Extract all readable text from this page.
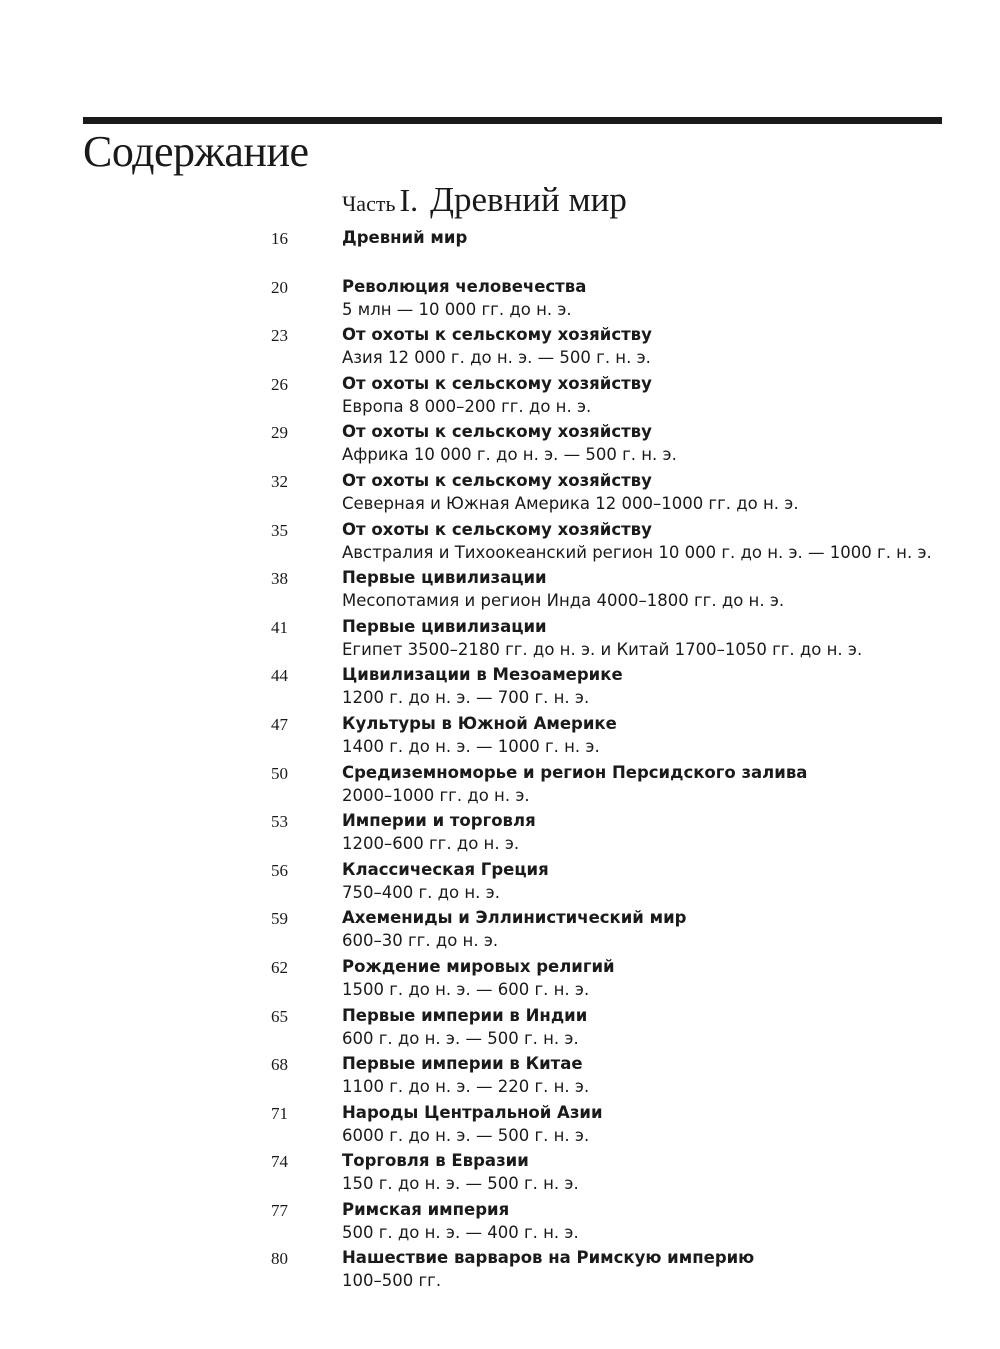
Содержание
Часть I. Древний мир
16	Древний мир
20	Революция человечества
5 млн — 10 000 гг. до н. э.
23	От охоты к сельскому хозяйству
Азия 12 000 г. до н. э. — 500 г. н. э.
26	От охоты к сельскому хозяйству
Европа 8 000–200 гг. до н. э.
29	От охоты к сельскому хозяйству
Африка 10 000 г. до н. э. — 500 г. н. э.
32	От охоты к сельскому хозяйству
Северная и Южная Америка 12 000–1000 гг. до н. э.
35	От охоты к сельскому хозяйству
Австралия и Тихоокеанский регион 10 000 г. до н. э. — 1000 г. н. э.
38	Первые цивилизации
Месопотамия и регион Инда 4000–1800 гг. до н. э.
41	Первые цивилизации
Египет 3500–2180 гг. до н. э. и Китай 1700–1050 гг. до н. э.
44	Цивилизации в Мезоамерике
1200 г. до н. э. — 700 г. н. э.
47	Культуры в Южной Америке
1400 г. до н. э. — 1000 г. н. э.
50	Средиземноморье и регион Персидского залива
2000–1000 гг. до н. э.
53	Империи и торговля
1200–600 гг. до н. э.
56	Классическая Греция
750–400 г. до н. э.
59	Ахемениды и Эллинистический мир
600–30 гг. до н. э.
62	Рождение мировых религий
1500 г. до н. э. — 600 г. н. э.
65	Первые империи в Индии
600 г. до н. э. — 500 г. н. э.
68	Первые империи в Китае
1100 г. до н. э. — 220 г. н. э.
71	Народы Центральной Азии
6000 г. до н. э. — 500 г. н. э.
74	Торговля в Евразии
150 г. до н. э. — 500 г. н. э.
77	Римская империя
500 г. до н. э. — 400 г. н. э.
80	Нашествие варваров на Римскую империю
100–500 гг.
